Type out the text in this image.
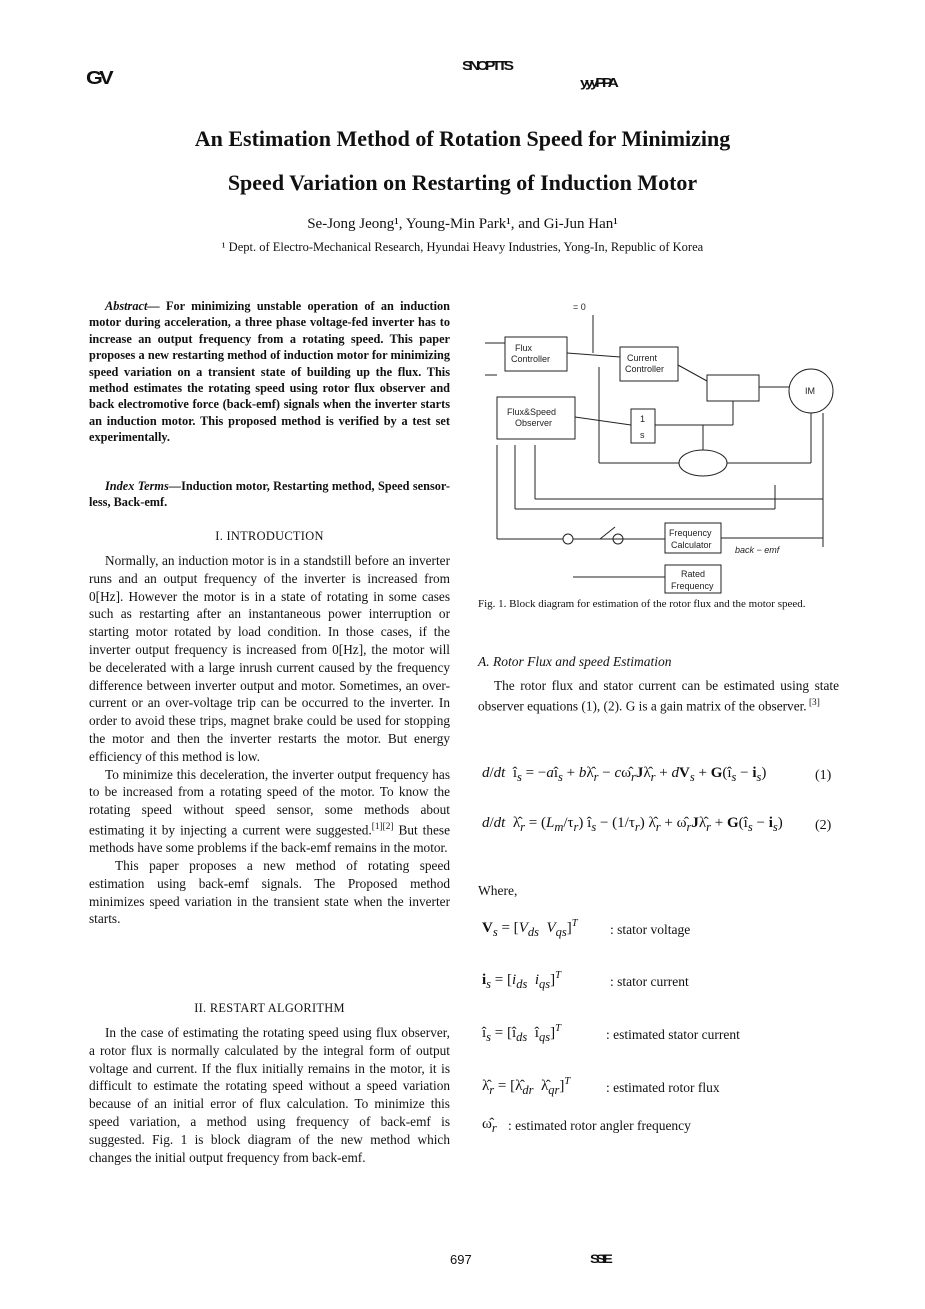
GV
SNOPTTS
yyyPPA
An Estimation Method of Rotation Speed for Minimizing
Speed Variation on Restarting of Induction Motor
Se-Jong Jeong¹, Young-Min Park¹, and Gi-Jun Han¹
¹ Dept. of Electro-Mechanical Research, Hyundai Heavy Industries, Yong-In, Republic of Korea
Abstract— For minimizing unstable operation of an induction motor during acceleration, a three phase voltage-fed inverter has to increase an output frequency from a rotating speed. This paper proposes a new restarting method of induction motor for minimizing speed variation on a transient state of building up the flux. This method estimates the rotating speed using rotor flux observer and back electromotive force (back-emf) signals when the inverter starts an induction motor. This proposed method is verified by a test set experimentally.
Index Terms—Induction motor, Restarting method, Speed sensor-less, Back-emf.
I. INTRODUCTION

Normally, an induction motor is in a standstill before an inverter runs and an output frequency of the inverter is increased from 0[Hz]. However the motor is in a state of rotating in some cases such as restarting after an instantaneous power interruption or starting motor rotated by load condition. In those cases, if the inverter output frequency is increased from 0[Hz], the motor will be decelerated with a large inrush current caused by the frequency difference between inverter output and motor. Sometimes, an over-current or an over-voltage trip can be occurred to the inverter. In order to avoid these trips, magnet brake could be used for stopping the motor and then the inverter restarts the motor. But energy efficiency of this method is low.

To minimize this deceleration, the inverter output frequency has to be increased from a rotating speed of the motor. To know the rotating speed without speed sensor, some methods about estimating it by injecting a current were suggested.[1][2] But these methods have some problems if the back-emf remains in the motor.

This paper proposes a new method of rotating speed estimation using back-emf signals. The Proposed method minimizes speed variation in the transient state when the inverter starts.

II. RESTART ALGORITHM

In the case of estimating the rotating speed using flux observer, a rotor flux is normally calculated by the integral form of output voltage and current. If the flux initially remains in the motor, it is difficult to estimate the rotating speed without a speed variation because of an initial error of flux calculation. To minimize this speed variation, a method using frequency of back-emf is suggested. Fig. 1 is block diagram of the new method which changes the initial output frequency from back-emf.

Flux
Controller	Current
Controller
Flux&Speed
Observer
IM
1
s
Frequency
Calculator
Rated
Frequency
= 0
back − emf
Fig. 1. Block diagram for estimation of the rotor flux and the motor speed.
A. Rotor Flux and speed Estimation

The rotor flux and stator current can be estimated using state observer equations (1), (2). G is a gain matrix of the observer. [3]

d/dt  $î_s$ = $-aî_s$ + $b\lambdâ_r$ − $c\omegâ_rJ\lambdâ_r + dV_s$ + $G(î_s - i_s)$	(1)
d/dt  $\lambdâ_r = (L_m/\tau_r)$ $î_s - (1/\tau_r)$ $\lambdâ_r$ + $\omegâ_rJ\lambdâ_r$ + $G(î_s - i_s)$ (2)
Where,
$V_s = [V_{ds}$ $V_{qs}]^T$ : stator voltage
$i_s = [i_{ds}$ $i_{qs}]^T$	: stator current
$î_s$ = [$î_{ds}$  $î_{qs}]^T$	: estimated stator current
$\lambdâ_r$ = [$\lambdâ_{dr}$  $\lambdâ_{qr}]^T$	: estimated rotor flux
$\omegâ_r$ : estimated rotor angler frequency
697	SSIIIE
